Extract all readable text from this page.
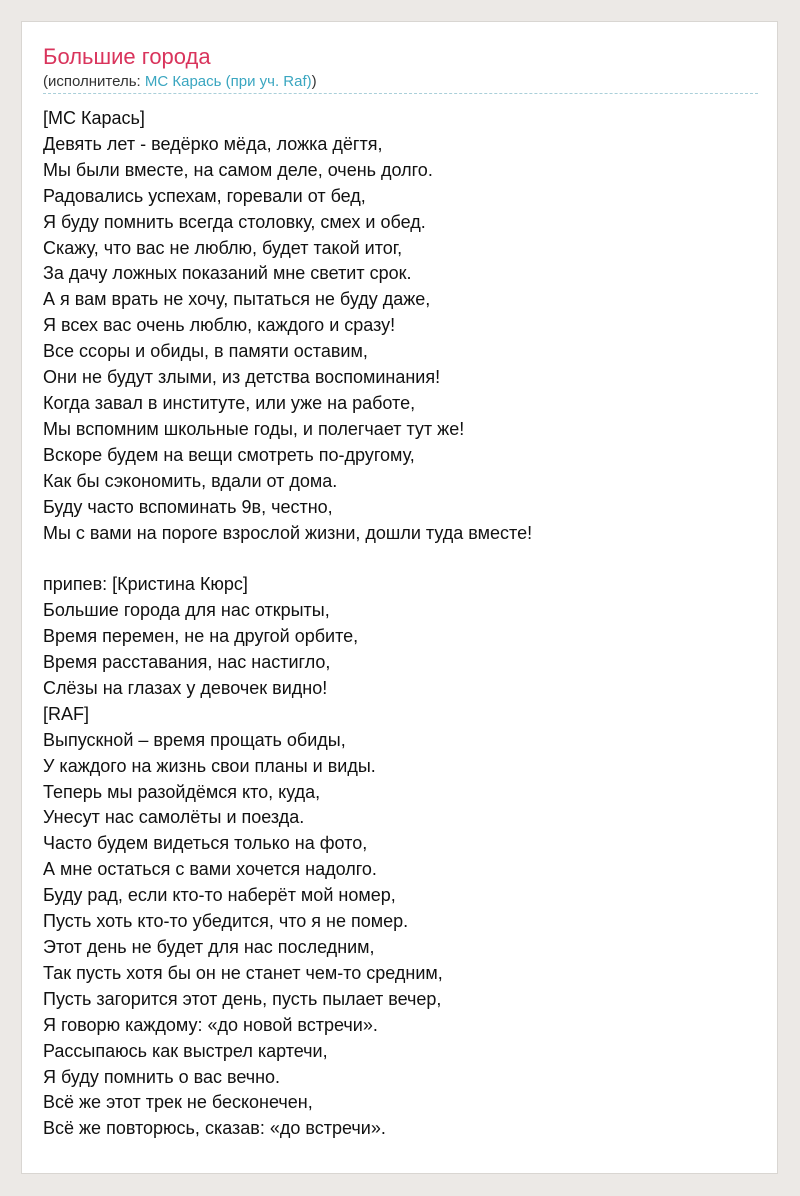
Большие города
(исполнитель: MC Карась (при уч. Raf))
[MC Карась]
Девять лет - ведёрко мёда, ложка дёгтя,
Мы были вместе, на самом деле, очень долго.
Радовались успехам, горевали от бед,
Я буду помнить всегда столовку, смех и обед.
Скажу, что вас не люблю, будет такой итог,
За дачу ложных показаний мне светит срок.
А я вам врать не хочу, пытаться не буду даже,
Я всех вас очень люблю, каждого и сразу!
Все ссоры и обиды, в памяти оставим,
Они не будут злыми, из детства воспоминания!
Когда завал в институте, или уже на работе,
Мы вспомним школьные годы, и полегчает тут же!
Вскоре будем на вещи смотреть по-другому,
Как бы сэкономить, вдали от дома.
Буду часто вспоминать 9в, честно,
Мы с вами на пороге взрослой жизни, дошли туда вместе!
припев: [Кристина Кюрс]
Большие города для нас открыты,
Время перемен, не на другой орбите,
Время расставания, нас настигло,
Слёзы на глазах у девочек видно!
[RAF]
Выпускной – время прощать обиды,
У каждого на жизнь свои планы и виды.
Теперь мы разойдёмся кто, куда,
Унесут нас самолёты и поезда.
Часто будем видеться только на фото,
А мне остаться с вами хочется надолго.
Буду рад, если кто-то наберёт мой номер,
Пусть хоть кто-то убедится, что я не помер.
Этот день не будет для нас последним,
Так пусть хотя бы он не станет чем-то средним,
Пусть загорится этот день, пусть пылает вечер,
Я говорю каждому: «до новой встречи».
Рассыпаюсь как выстрел картечи,
Я буду помнить о вас вечно.
Всё же этот трек не бесконечен,
Всё же повторюсь, сказав: «до встречи».
